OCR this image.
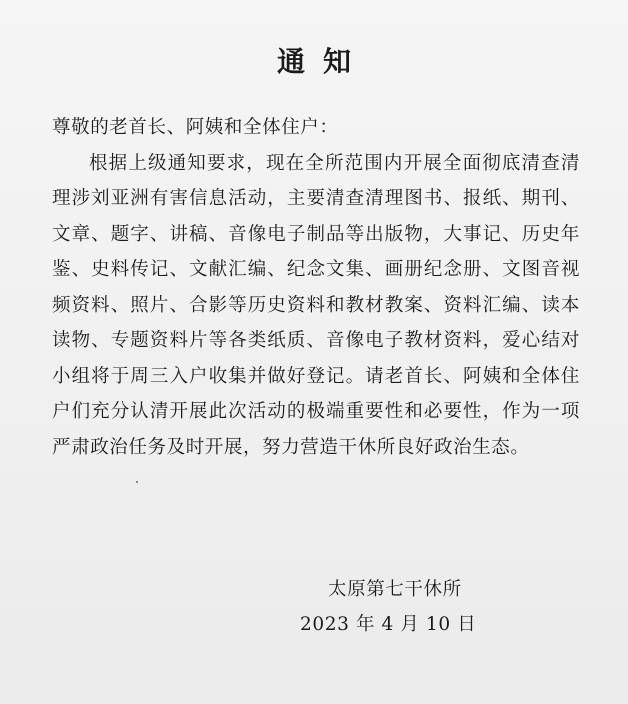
通知

尊敬的老首长、阿姨和全体住户：

根据上级通知要求，现在全所范围内开展全面彻底清查清理涉刘亚洲有害信息活动，主要清查清理图书、报纸、期刊、文章、题字、讲稿、音像电子制品等出版物，大事记、历史年鉴、史料传记、文献汇编、纪念文集、画册纪念册、文图音视频资料、照片、合影等历史资料和教材教案、资料汇编、读本读物、专题资料片等各类纸质、音像电子教材资料，爱心结对小组将于周三入户收集并做好登记。请老首长、阿姨和全体住户们充分认清开展此次活动的极端重要性和必要性，作为一项严肃政治任务及时开展，努力营造干休所良好政治生态。

太原第七干休所

2023 年 4 月 10 日
